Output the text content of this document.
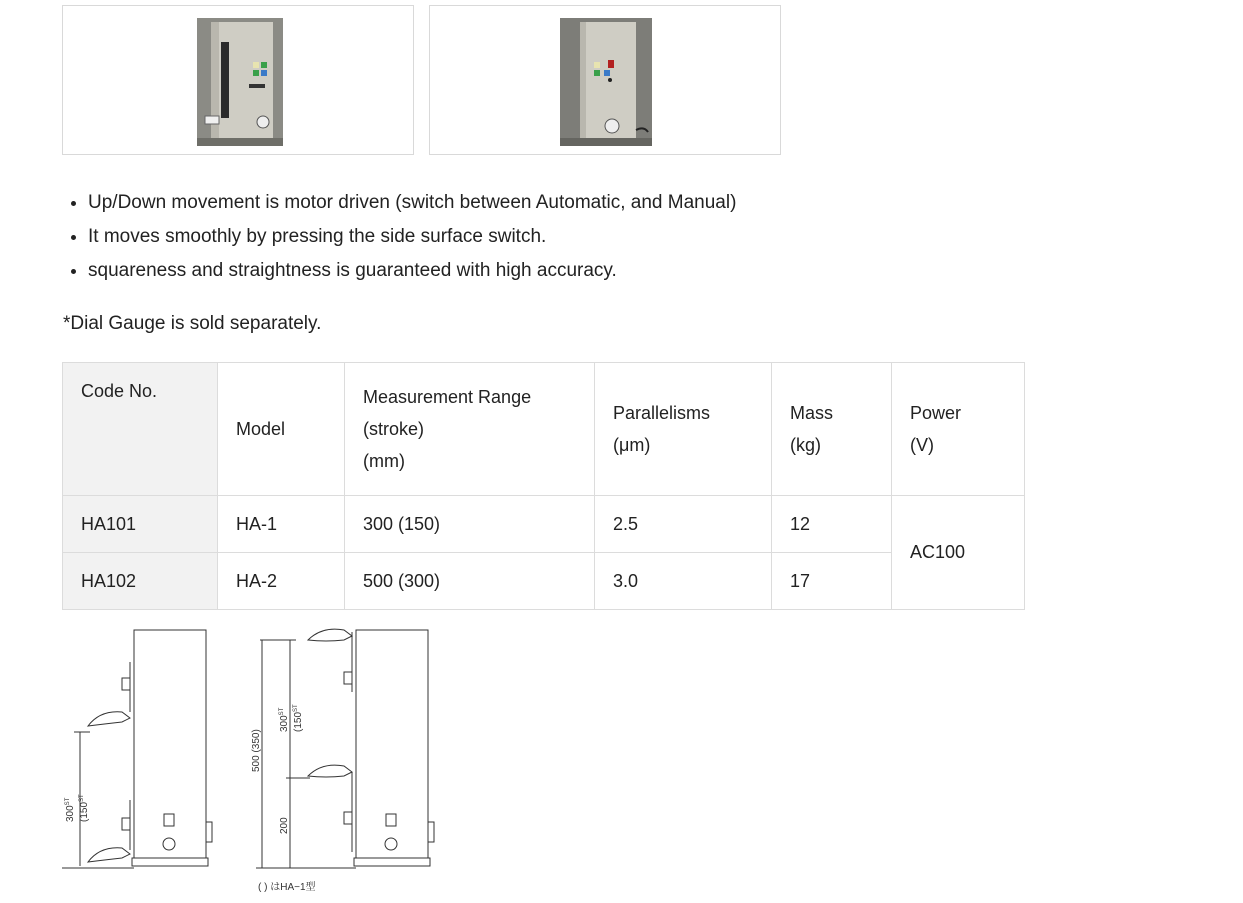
• Up/Down movement is motor driven (switch between Automatic, and Manual)
• It moves smoothly by pressing the side surface switch.
• squareness and straightness is guaranteed with high accuracy.

*Dial Gauge is sold separately.

Code No.	Model	Measurement Range
(stroke)
(mm)	Parallelisms
(μm)	Mass
(kg)	Power
(V)
HA101	HA-1	300 (150)	2.5	12	AC100
HA102	HA-2	500 (300)	3.0	17	
300ST
(150ST
500 (350)
300ST
(150ST
200
( ) はHA−1型
